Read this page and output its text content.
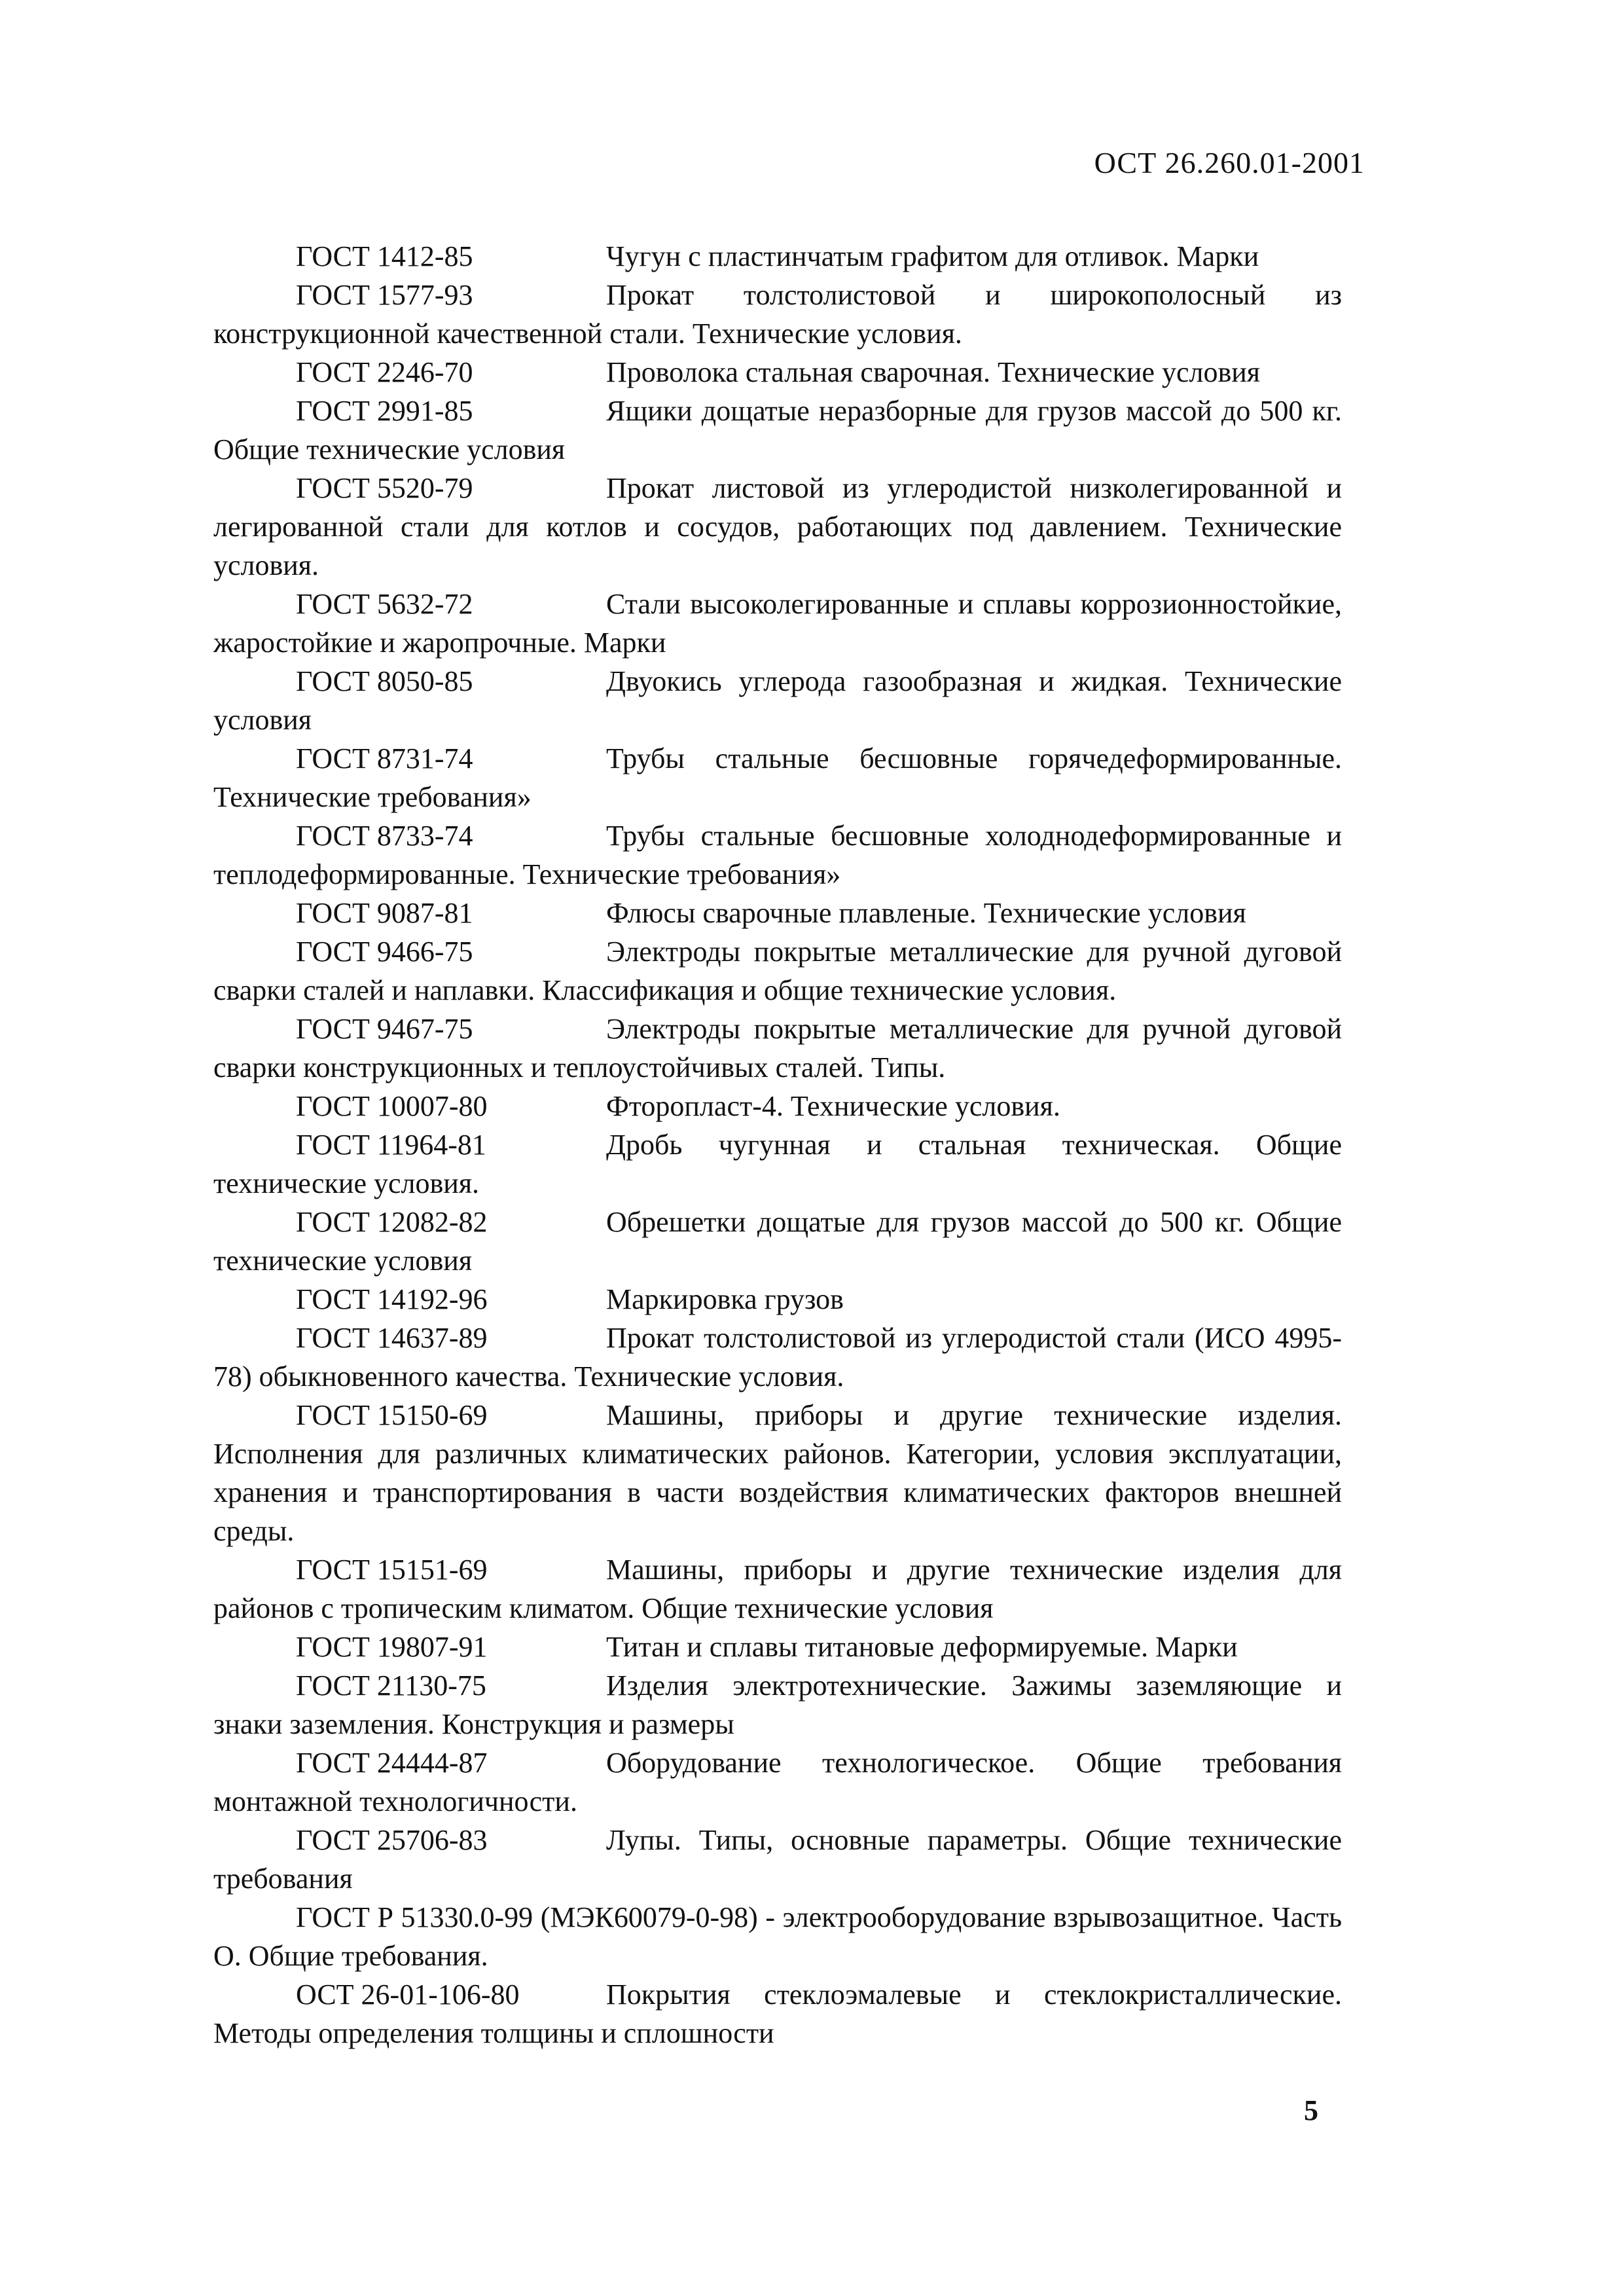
ОСТ 26.260.01-2001

ГОСТ 1412-85	Чугун с пластинчатым графитом для отливок. Марки

ГОСТ 1577-93	Прокат толстолистовой и широкополосный из конструкционной качественной стали. Технические условия.

ГОСТ 2246-70	Проволока стальная сварочная. Технические условия

ГОСТ 2991-85	Ящики дощатые неразборные для грузов массой до 500 кг. Общие технические условия

ГОСТ 5520-79	Прокат листовой из углеродистой низколегированной и легированной стали для котлов и сосудов, работающих под давлением. Технические условия.

ГОСТ 5632-72	Стали высоколегированные и сплавы коррозионностойкие, жаростойкие и жаропрочные. Марки

ГОСТ 8050-85	Двуокись углерода газообразная и жидкая. Технические условия

ГОСТ 8731-74	Трубы стальные бесшовные горячедеформированные. Технические требования»

ГОСТ 8733-74	Трубы стальные бесшовные холоднодеформированные и теплодеформированные. Технические требования»

ГОСТ 9087-81	Флюсы сварочные плавленые. Технические условия

ГОСТ 9466-75	Электроды покрытые металлические для ручной дуговой сварки сталей и наплавки. Классификация и общие технические условия.

ГОСТ 9467-75	Электроды покрытые металлические для ручной дуговой сварки конструкционных и теплоустойчивых сталей. Типы.

ГОСТ 10007-80	Фторопласт-4. Технические условия.

ГОСТ 11964-81	Дробь чугунная и стальная техническая. Общие технические условия.

ГОСТ 12082-82	Обрешетки дощатые для грузов массой до 500 кг. Общие технические условия

ГОСТ 14192-96	Маркировка грузов

ГОСТ 14637-89	Прокат толстолистовой из углеродистой стали (ИСО 4995-78) обыкновенного качества. Технические условия.

ГОСТ 15150-69	Машины, приборы и другие технические изделия. Исполнения для различных климатических районов. Категории, условия эксплуатации, хранения и транспортирования в части воздействия климатических факторов внешней среды.

ГОСТ 15151-69	Машины, приборы и другие технические изделия для районов с тропическим климатом. Общие технические условия

ГОСТ 19807-91	Титан и сплавы титановые деформируемые. Марки

ГОСТ 21130-75	Изделия электротехнические. Зажимы заземляющие и знаки заземления. Конструкция и размеры

ГОСТ 24444-87	Оборудование технологическое. Общие требования монтажной технологичности.

ГОСТ 25706-83	Лупы. Типы, основные параметры. Общие технические требования

ГОСТ Р 51330.0-99 (МЭК60079-0-98) - электрооборудование взрывозащитное. Часть О. Общие требования.

ОСТ 26-01-106-80	Покрытия стеклоэмалевые и стеклокристаллические. Методы определения толщины и сплошности

5
